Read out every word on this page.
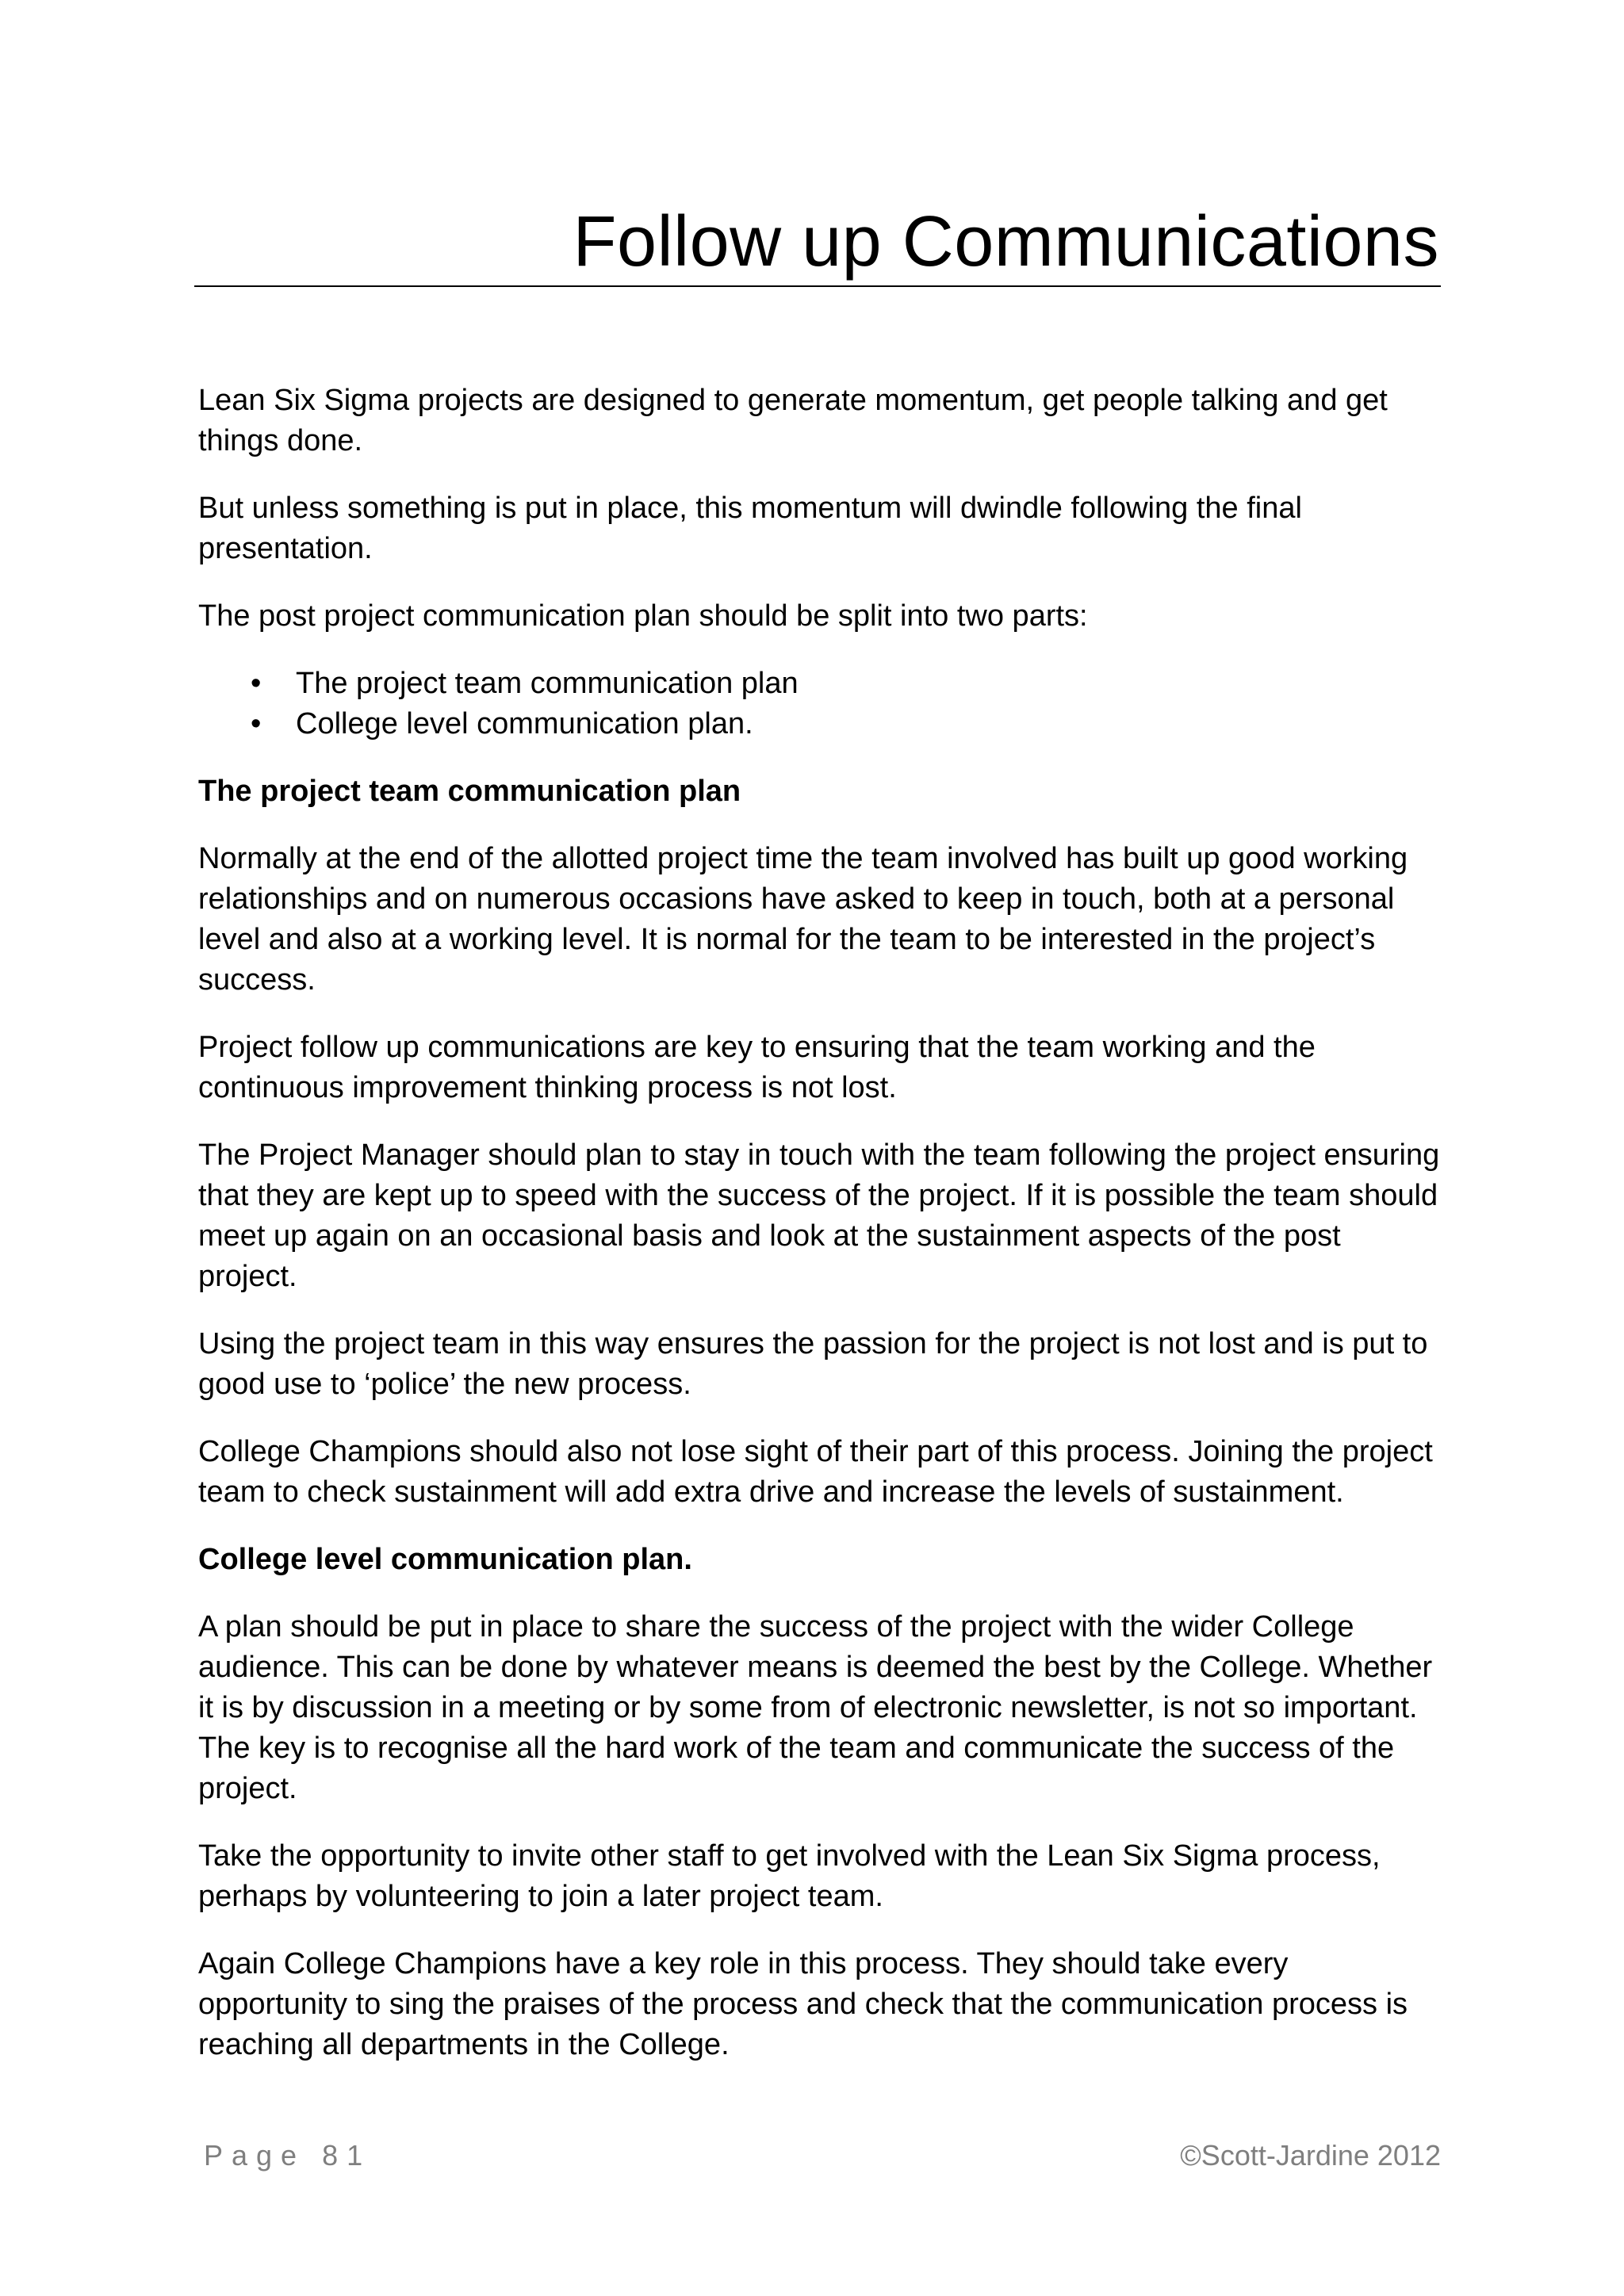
Follow up Communications

Lean Six Sigma projects are designed to generate momentum, get people talking and get things done.

But unless something is put in place, this momentum will dwindle following the final presentation.

The post project communication plan should be split into two parts:

• The project team communication plan
• College level communication plan.

The project team communication plan

Normally at the end of the allotted project time the team involved has built up good working relationships and on numerous occasions have asked to keep in touch, both at a personal level and also at a working level. It is normal for the team to be interested in the project’s success.

Project follow up communications are key to ensuring that the team working and the continuous improvement thinking process is not lost.

The Project Manager should plan to stay in touch with the team following the project ensuring that they are kept up to speed with the success of the project. If it is possible the team should meet up again on an occasional basis and look at the sustainment aspects of the post project.

Using the project team in this way ensures the passion for the project is not lost and is put to good use to ‘police’ the new process.

College Champions should also not lose sight of their part of this process. Joining the project team to check sustainment will add extra drive and increase the levels of sustainment.

College level communication plan.

A plan should be put in place to share the success of the project with the wider College audience. This can be done by whatever means is deemed the best by the College. Whether it is by discussion in a meeting or by some from of electronic newsletter, is not so important. The key is to recognise all the hard work of the team and communicate the success of the project.

Take the opportunity to invite other staff to get involved with the Lean Six Sigma process, perhaps by volunteering to join a later project team.

Again College Champions have a key role in this process. They should take every opportunity to sing the praises of the process and check that the communication process is reaching all departments in the College.

Page 81	©Scott-Jardine 2012
